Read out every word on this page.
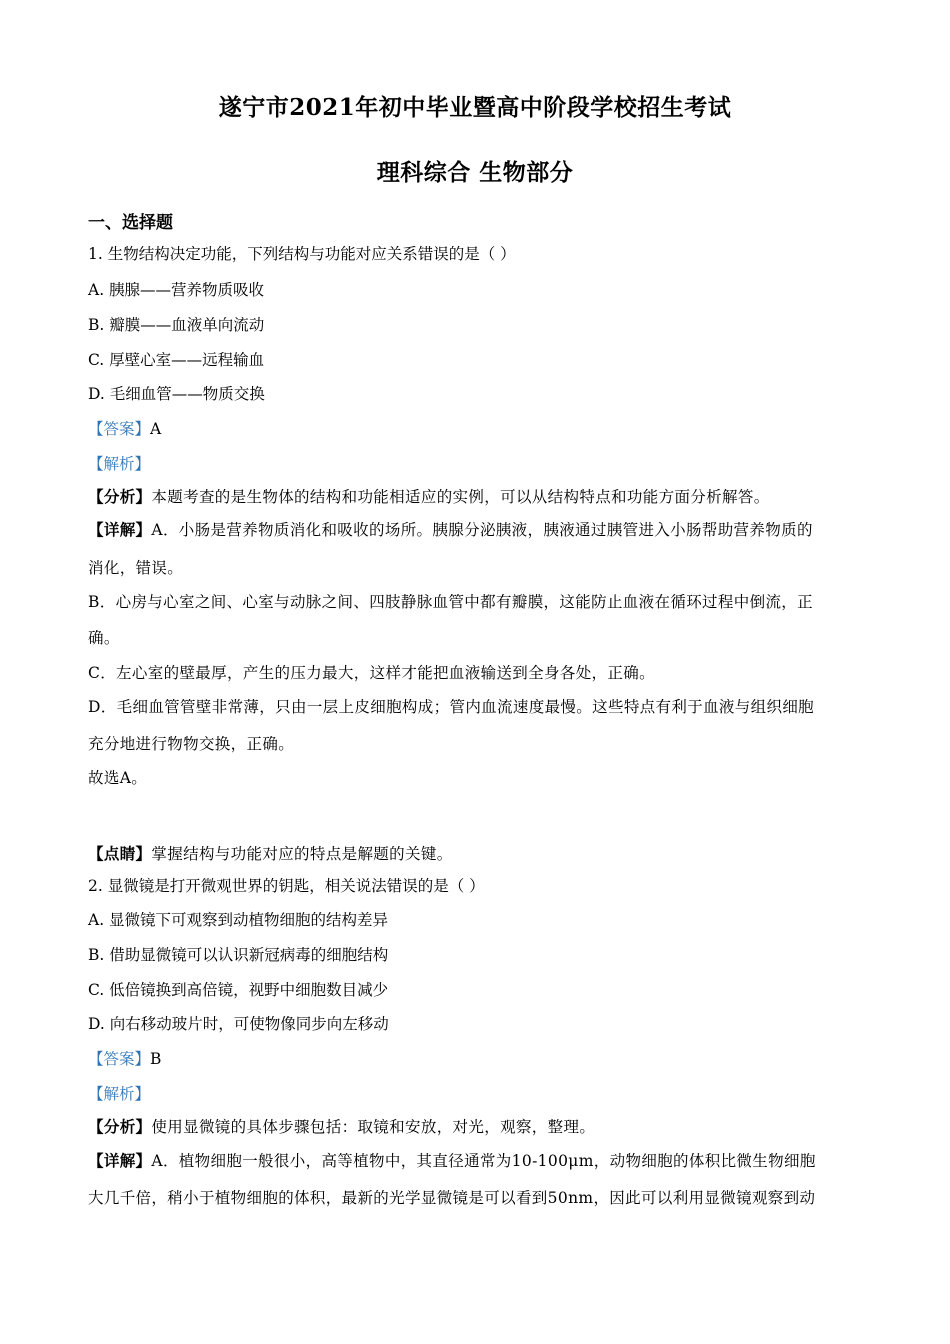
遂宁市2021年初中毕业暨高中阶段学校招生考试
理科综合 生物部分
一、选择题
1. 生物结构决定功能，下列结构与功能对应关系错误的是（ ）
A. 胰腺——营养物质吸收
B. 瓣膜——血液单向流动
C. 厚壁心室——远程输血
D. 毛细血管——物质交换
【答案】A
【解析】
【分析】本题考查的是生物体的结构和功能相适应的实例，可以从结构特点和功能方面分析解答。
【详解】A．小肠是营养物质消化和吸收的场所。胰腺分泌胰液，胰液通过胰管进入小肠帮助营养物质的
消化，错误。
B．心房与心室之间、心室与动脉之间、四肢静脉血管中都有瓣膜，这能防止血液在循环过程中倒流，正
确。
C．左心室的壁最厚，产生的压力最大，这样才能把血液输送到全身各处，正确。
D．毛细血管管壁非常薄，只由一层上皮细胞构成；管内血流速度最慢。这些特点有利于血液与组织细胞
充分地进行物物交换，正确。
故选A。
【点睛】掌握结构与功能对应的特点是解题的关键。
2. 显微镜是打开微观世界的钥匙，相关说法错误的是（ ）
A. 显微镜下可观察到动植物细胞的结构差异
B. 借助显微镜可以认识新冠病毒的细胞结构
C. 低倍镜换到高倍镜，视野中细胞数目减少
D. 向右移动玻片时，可使物像同步向左移动
【答案】B
【解析】
【分析】使用显微镜的具体步骤包括：取镜和安放，对光，观察，整理。
【详解】A．植物细胞一般很小，高等植物中，其直径通常为10-100μm，动物细胞的体积比微生物细胞
大几千倍，稍小于植物细胞的体积，最新的光学显微镜是可以看到50nm，因此可以利用显微镜观察到动
